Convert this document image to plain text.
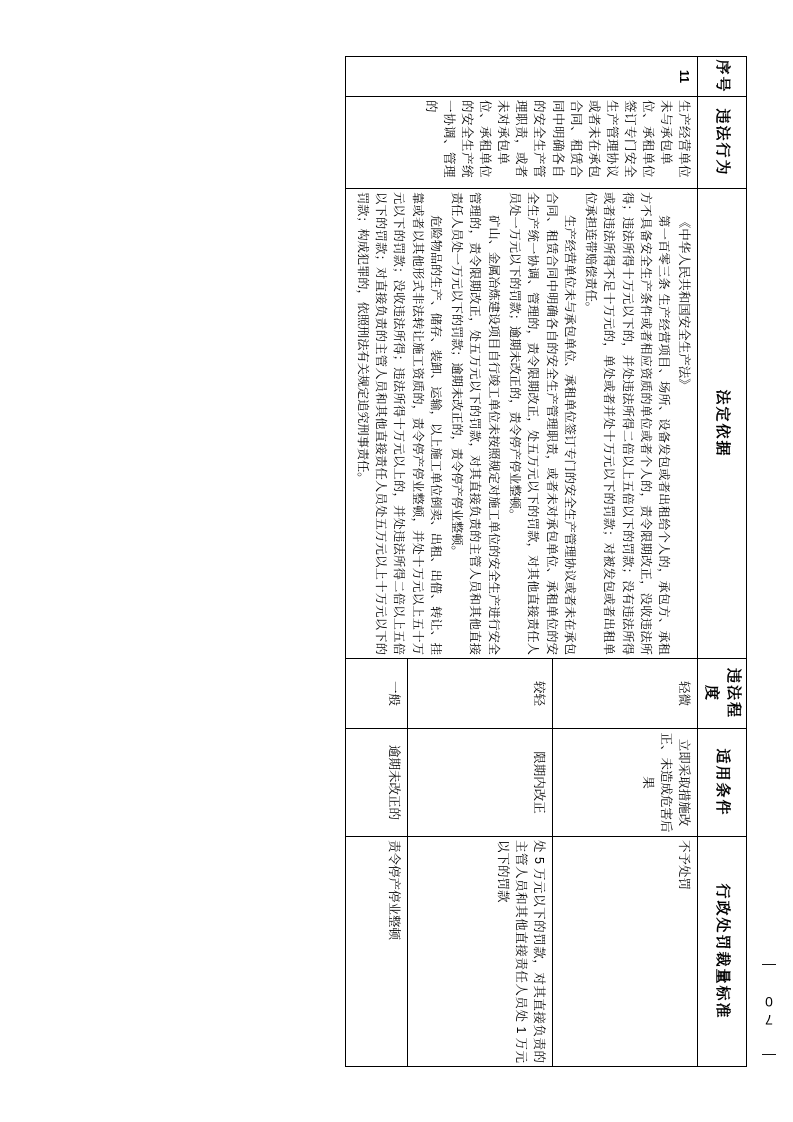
序号	违法行为	法定依据	违法程度	适用条件	行政处罚裁量标准
11	生产经营单位未与承包单位、承租单位签订专门安全生产管理协议或者未在承包合同、租赁合同中明确各自的安全生产管理职责，或者未对承包单位、承租单位的安全生产统一协调、管理的	《中华人民共和国安全生产法》

第一百零三条 生产经营项目、场所、设备发包或者出租给个人的，承包方、承租方不具备安全生产条件或者相应资质的单位或者个人的，责令限期改正，没收违法所得；违法所得十万元以下的，并处违法所得二倍以上五倍以下的罚款；没有违法所得或者违法所得不足十万元的，单处或者并处十万元以下的罚款；对被发包或者出租单位承担连带赔偿责任。

生产经营单位未与承包单位、承租单位签订专门的安全生产管理协议或者未在承包合同、租赁合同中明确各自的安全生产管理职责，或者未对承包单位、承租单位的安全生产统一协调、管理的，责令限期改正，处五万元以下的罚款，对其他直接责任人员处一万元以下的罚款；逾期未改正的，责令停产停业整顿。

矿山、金属冶炼建设项目自行竣工单位未按照规定对施工单位的安全生产进行安全管理的，责令限期改正，处五万元以下的罚款，对其直接负责的主管人员和其他直接责任人员处一万元以下的罚款；逾期未改正的，责令停产停业整顿。

危险物品的生产、储存、装卸、运输，以上施工单位倒卖、出租、出借、转让、挂靠或者以其他形式非法转让施工资质的，责令停产停业整顿，并处十万元以上五十万元以下的罚款；没收违法所得；违法所得十万元以上的，并处违法所得二倍以上五倍以下的罚款；对直接负责的主管人员和其他直接责任人员处五万元以上十万元以下的罚款；构成犯罪的，依照刑法有关规定追究刑事责任。	轻微	立即采取措施改正、未造成危害后果	不予处罚
			较轻	限期内改正	处 5 万元以下的罚款，对其直接负责的主管人员和其他直接责任人员处 1 万元以下的罚款
			一般	逾期未改正的	责令停产停业整顿
— 70 —
